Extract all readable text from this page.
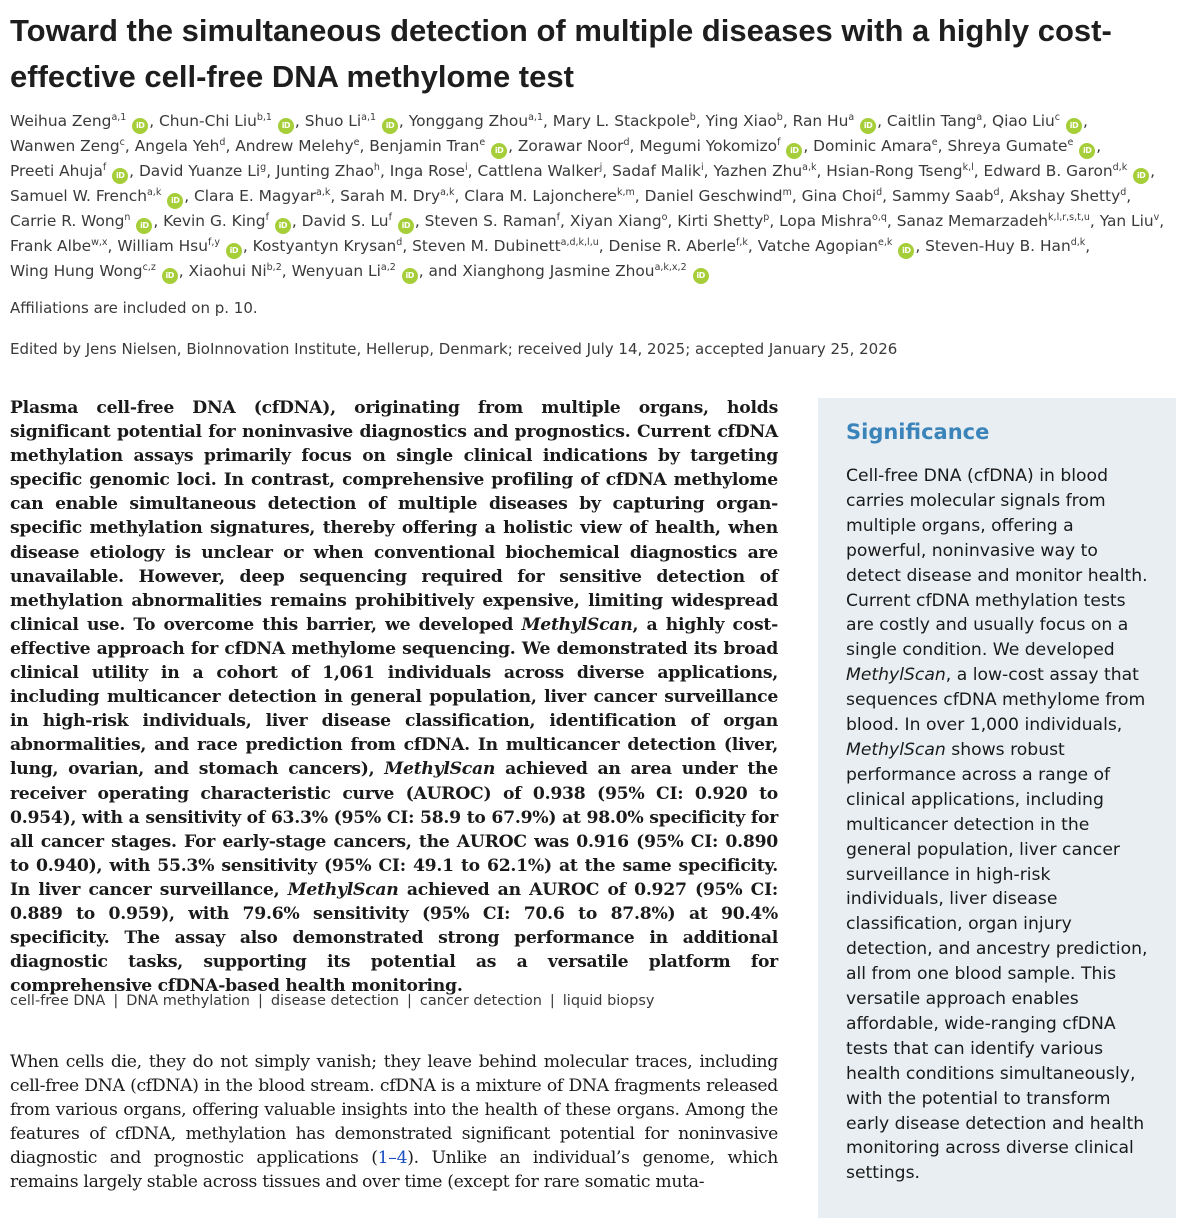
Toward the simultaneous detection of multiple diseases with a highly cost-effective cell-free DNA methylome test
Weihua Zeng$^{a,1}$ iD , Chun-Chi Liu$^{b,1}$ iD , Shuo Li$^{a,1}$ iD , Yonggang Zhou$^{a,1}$, Mary L. Stackpole$^b$, Ying Xiao$^b$, Ran Hu$^a$ iD , Caitlin Tang$^a$, Qiao Liu$^c$ iD ,
Wanwen Zeng$^c$, Angela Yeh$^d$, Andrew Melehy$^e$, Benjamin Tran$^e$ iD , Zorawar Noor$^d$, Megumi Yokomizo$^f$ iD , Dominic Amara$^e$, Shreya Gumate$^e$ iD ,
Preeti Ahuja$^f$ iD , David Yuanze Li$^g$, Junting Zhao$^h$, Inga Rose$^i$, Cattlena Walker$^j$, Sadaf Malik$^i$, Yazhen Zhu$^{a,k}$, Hsian-Rong Tseng$^{k,l}$, Edward B. Garon$^{d,k}$ iD ,
Samuel W. French$^{a,k}$ iD , Clara E. Magyar$^{a,k}$, Sarah M. Dry$^{a,k}$, Clara M. Lajonchere$^{k,m}$, Daniel Geschwind$^m$, Gina Choi$^d$, Sammy Saab$^d$, Akshay Shetty$^d$,
Carrie R. Wong$^n$ iD , Kevin G. King$^f$ iD , David S. Lu$^f$ iD , Steven S. Raman$^f$, Xiyan Xiang$^o$, Kirti Shetty$^p$, Lopa Mishra$^{o,q}$, Sanaz Memarzadeh$^{k,l,r,s,t,u}$, Yan Liu$^v$,
Frank Albe$^{w,x}$, William Hsu$^{f,y}$ iD , Kostyantyn Krysan$^d$, Steven M. Dubinett$^{a,d,k,l,u}$, Denise R. Aberle$^{f,k}$, Vatche Agopian$^{e,k}$ iD , Steven-Huy B. Han$^{d,k}$,
Wing Hung Wong$^{c,z}$ iD , Xiaohui Ni$^{b,2}$, Wenyuan Li$^{a,2}$ iD , and Xianghong Jasmine Zhou$^{a,k,x,2}$ iD
Affiliations are included on p. 10.
Edited by Jens Nielsen, BioInnovation Institute, Hellerup, Denmark; received July 14, 2025; accepted January 25, 2026

Plasma cell-free DNA (cfDNA), originating from multiple organs, holds significant potential for noninvasive diagnostics and prognostics. Current cfDNA methylation assays primarily focus on single clinical indications by targeting specific genomic loci. In contrast, comprehensive profiling of cfDNA methylome can enable simultaneous detection of multiple diseases by capturing organ-specific methylation signatures, thereby offering a holistic view of health, when disease etiology is unclear or when conventional biochemical diagnostics are unavailable. However, deep sequencing required for sensitive detection of methylation abnormalities remains prohibitively expensive, limiting widespread clinical use. To overcome this barrier, we developed MethylScan, a highly cost-effective approach for cfDNA methylome sequencing. We demonstrated its broad clinical utility in a cohort of 1,061 individuals across diverse applications, including multicancer detection in general population, liver cancer surveillance in high-risk individuals, liver disease classification, identification of organ abnormalities, and race prediction from cfDNA. In multicancer detection (liver, lung, ovarian, and stomach cancers), MethylScan achieved an area under the receiver operating characteristic curve (AUROC) of 0.938 (95% CI: 0.920 to 0.954), with a sensitivity of 63.3% (95% CI: 58.9 to 67.9%) at 98.0% specificity for all cancer stages. For early-stage cancers, the AUROC was 0.916 (95% CI: 0.890 to 0.940), with 55.3% sensitivity (95% CI: 49.1 to 62.1%) at the same specificity. In liver cancer surveillance, MethylScan achieved an AUROC of 0.927 (95% CI: 0.889 to 0.959), with 79.6% sensitivity (95% CI: 70.6 to 87.8%) at 90.4% specificity. The assay also demonstrated strong performance in additional diagnostic tasks, supporting its potential as a versatile platform for comprehensive cfDNA-based health monitoring.

cell-free DNA | DNA methylation | disease detection | cancer detection | liquid biopsy

When cells die, they do not simply vanish; they leave behind molecular traces, including cell-free DNA (cfDNA) in the blood stream. cfDNA is a mixture of DNA fragments released from various organs, offering valuable insights into the health of these organs. Among the features of cfDNA, methylation has demonstrated significant potential for noninvasive diagnostic and prognostic applications (1–4). Unlike an individual’s genome, which remains largely stable across tissues and over time (except for rare somatic muta-

Significance

Cell-free DNA (cfDNA) in blood
carries molecular signals from
multiple organs, offering a
powerful, noninvasive way to
detect disease and monitor health.
Current cfDNA methylation tests
are costly and usually focus on a
single condition. We developed
MethylScan, a low-cost assay that
sequences cfDNA methylome from
blood. In over 1,000 individuals,
MethylScan shows robust
performance across a range of
clinical applications, including
multicancer detection in the
general population, liver cancer
surveillance in high-risk
individuals, liver disease
classification, organ injury
detection, and ancestry prediction,
all from one blood sample. This
versatile approach enables
affordable, wide-ranging cfDNA
tests that can identify various
health conditions simultaneously,
with the potential to transform
early disease detection and health
monitoring across diverse clinical
settings.
